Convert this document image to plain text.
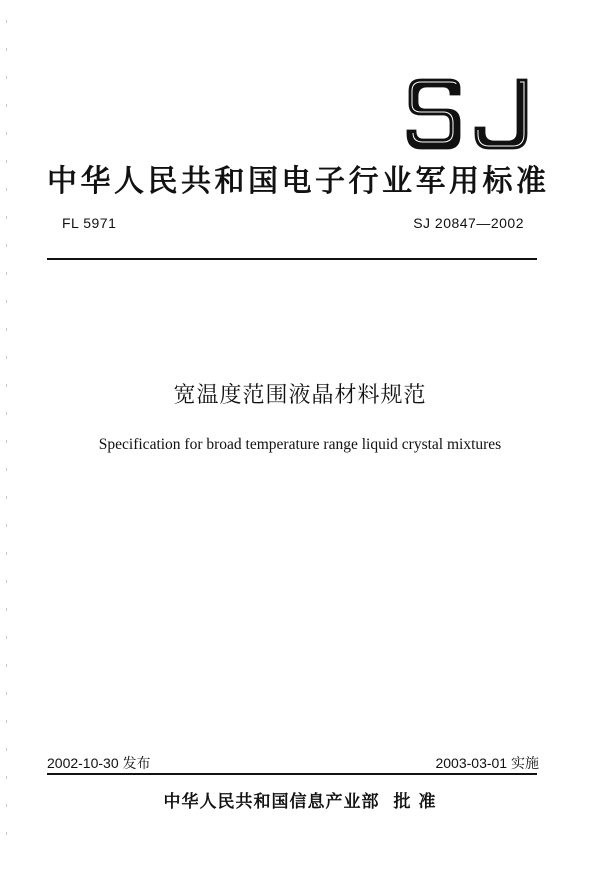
中华人民共和国电子行业军用标准
FL 5971	SJ 20847—2002
宽温度范围液晶材料规范
Specification for broad temperature range liquid crystal mixtures
2002-10-30 发布	2003-03-01 实施
中华人民共和国信息产业部 批 准
